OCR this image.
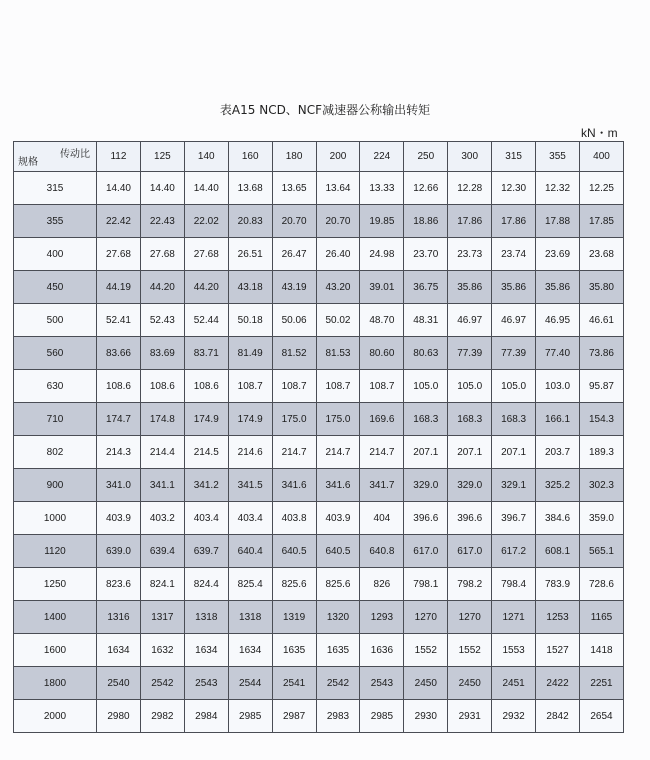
表A15 NCD、NCF减速器公称输出转矩
kN・m
传动比
规格	112	125	140	160	180	200	224	250	300	315	355	400
315	14.40	14.40	14.40	13.68	13.65	13.64	13.33	12.66	12.28	12.30	12.32	12.25
355	22.42	22.43	22.02	20.83	20.70	20.70	19.85	18.86	17.86	17.86	17.88	17.85
400	27.68	27.68	27.68	26.51	26.47	26.40	24.98	23.70	23.73	23.74	23.69	23.68
450	44.19	44.20	44.20	43.18	43.19	43.20	39.01	36.75	35.86	35.86	35.86	35.80
500	52.41	52.43	52.44	50.18	50.06	50.02	48.70	48.31	46.97	46.97	46.95	46.61
560	83.66	83.69	83.71	81.49	81.52	81.53	80.60	80.63	77.39	77.39	77.40	73.86
630	108.6	108.6	108.6	108.7	108.7	108.7	108.7	105.0	105.0	105.0	103.0	95.87
710	174.7	174.8	174.9	174.9	175.0	175.0	169.6	168.3	168.3	168.3	166.1	154.3
802	214.3	214.4	214.5	214.6	214.7	214.7	214.7	207.1	207.1	207.1	203.7	189.3
900	341.0	341.1	341.2	341.5	341.6	341.6	341.7	329.0	329.0	329.1	325.2	302.3
1000	403.9	403.2	403.4	403.4	403.8	403.9	404	396.6	396.6	396.7	384.6	359.0
1120	639.0	639.4	639.7	640.4	640.5	640.5	640.8	617.0	617.0	617.2	608.1	565.1
1250	823.6	824.1	824.4	825.4	825.6	825.6	826	798.1	798.2	798.4	783.9	728.6
1400	1316	1317	1318	1318	1319	1320	1293	1270	1270	1271	1253	1165
1600	1634	1632	1634	1634	1635	1635	1636	1552	1552	1553	1527	1418
1800	2540	2542	2543	2544	2541	2542	2543	2450	2450	2451	2422	2251
2000	2980	2982	2984	2985	2987	2983	2985	2930	2931	2932	2842	2654
